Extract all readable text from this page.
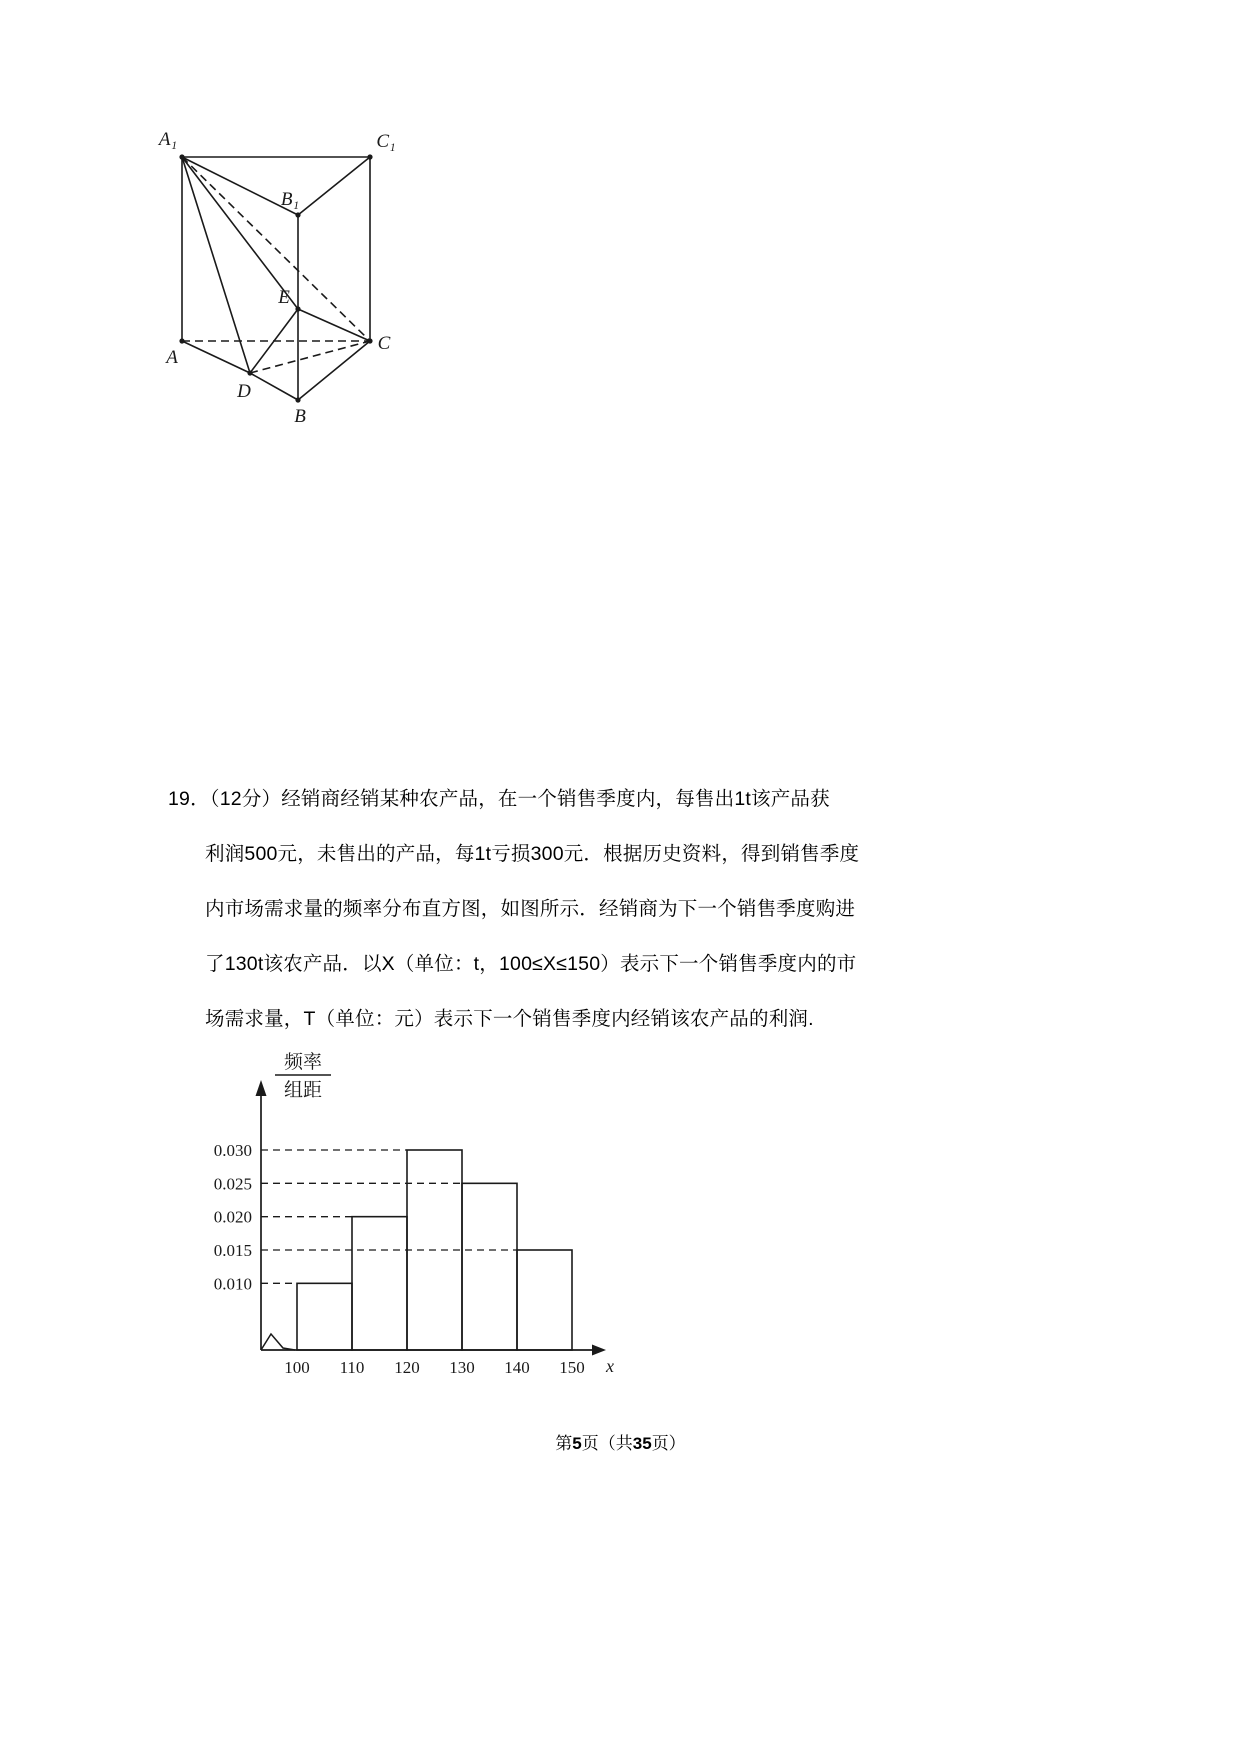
A₁	C₁
B₁
E
A
C
D
B
19．（12分）经销商经销某种农产品，在一个销售季度内，每售出1t该产品获
利润500元，未售出的产品，每1t亏损300元．根据历史资料，得到销售季度
内市场需求量的频率分布直方图，如图所示．经销商为下一个销售季度购进
了130t该农产品．以X（单位：t，100≤X≤150）表示下一个销售季度内的市
场需求量，T（单位：元）表示下一个销售季度内经销该农产品的利润.
频率
组距
0.010
0.015
0.020
0.025
0.030
100 110 120 130 140 150 x
第5页（共35页）
